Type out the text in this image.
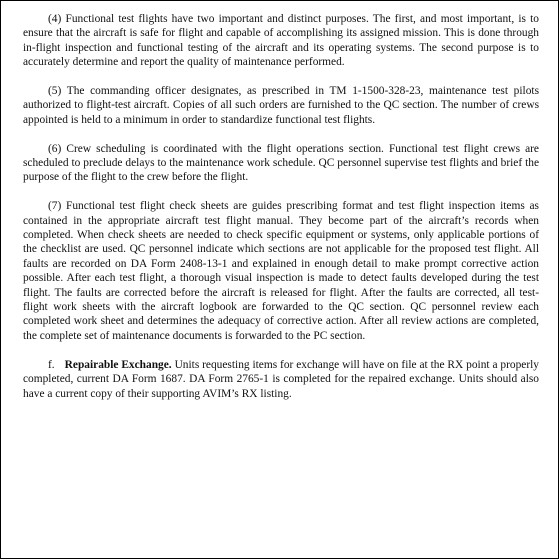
(4) Functional test flights have two important and distinct purposes. The first, and most important, is to ensure that the aircraft is safe for flight and capable of accomplishing its assigned mission. This is done through in-flight inspection and functional testing of the aircraft and its operating systems. The second purpose is to accurately determine and report the quality of maintenance performed.

(5) The commanding officer designates, as prescribed in TM 1-1500-328-23, maintenance test pilots authorized to flight-test aircraft. Copies of all such orders are furnished to the QC section. The number of crews appointed is held to a minimum in order to standardize functional test flights.

(6) Crew scheduling is coordinated with the flight operations section. Functional test flight crews are scheduled to preclude delays to the maintenance work schedule. QC personnel supervise test flights and brief the purpose of the flight to the crew before the flight.

(7) Functional test flight check sheets are guides prescribing format and test flight inspection items as contained in the appropriate aircraft test flight manual. They become part of the aircraft’s records when completed. When check sheets are needed to check specific equipment or systems, only applicable portions of the checklist are used. QC personnel indicate which sections are not applicable for the proposed test flight. All faults are recorded on DA Form 2408-13-1 and explained in enough detail to make prompt corrective action possible. After each test flight, a thorough visual inspection is made to detect faults developed during the test flight. The faults are corrected before the aircraft is released for flight. After the faults are corrected, all test-flight work sheets with the aircraft logbook are forwarded to the QC section. QC personnel review each completed work sheet and determines the adequacy of corrective action. After all review actions are completed, the complete set of maintenance documents is forwarded to the PC section.

f. Repairable Exchange. Units requesting items for exchange will have on file at the RX point a properly completed, current DA Form 1687. DA Form 2765-1 is completed for the repaired exchange. Units should also have a current copy of their supporting AVIM’s RX listing.
